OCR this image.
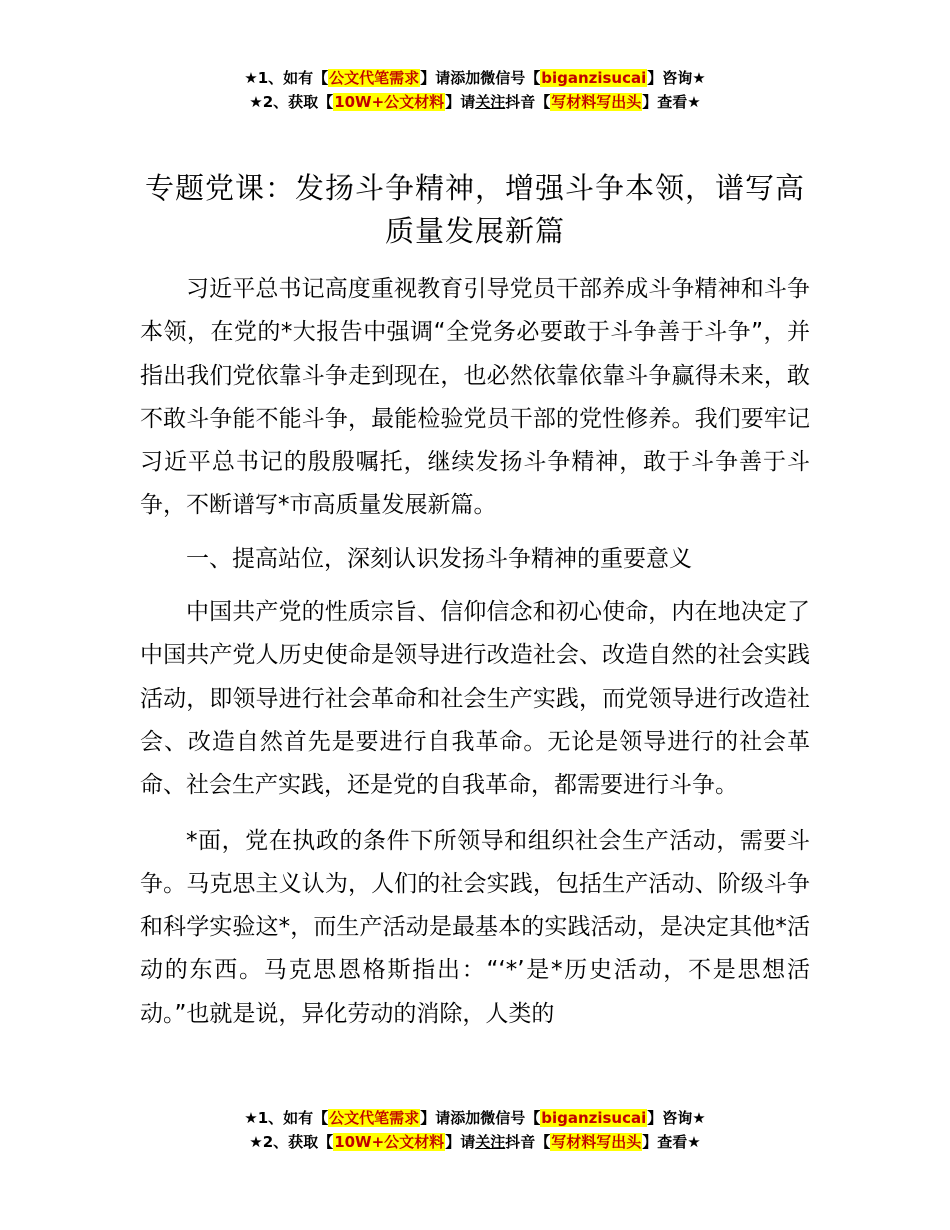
★1、如有【公文代笔需求】请添加微信号【biganzisucai】咨询★
★2、获取【10W+公文材料】请关注抖音【写材料写出头】查看★
专题党课：发扬斗争精神，增强斗争本领，谱写高质量发展新篇

习近平总书记高度重视教育引导党员干部养成斗争精神和斗争本领，在党的*大报告中强调“全党务必要敢于斗争善于斗争”，并指出我们党依靠斗争走到现在，也必然依靠依靠斗争赢得未来，敢不敢斗争能不能斗争，最能检验党员干部的党性修养。我们要牢记习近平总书记的殷殷嘱托，继续发扬斗争精神，敢于斗争善于斗争，不断谱写*市高质量发展新篇。

一、提高站位，深刻认识发扬斗争精神的重要意义

中国共产党的性质宗旨、信仰信念和初心使命，内在地决定了中国共产党人历史使命是领导进行改造社会、改造自然的社会实践活动，即领导进行社会革命和社会生产实践，而党领导进行改造社会、改造自然首先是要进行自我革命。无论是领导进行的社会革命、社会生产实践，还是党的自我革命，都需要进行斗争。

*面，党在执政的条件下所领导和组织社会生产活动，需要斗争。马克思主义认为，人们的社会实践，包括生产活动、阶级斗争和科学实验这*，而生产活动是最基本的实践活动，是决定其他*活动的东西。马克思恩格斯指出：“‘*’是*历史活动，不是思想活动。”也就是说，异化劳动的消除，人类的

★1、如有【公文代笔需求】请添加微信号【biganzisucai】咨询★
★2、获取【10W+公文材料】请关注抖音【写材料写出头】查看★
